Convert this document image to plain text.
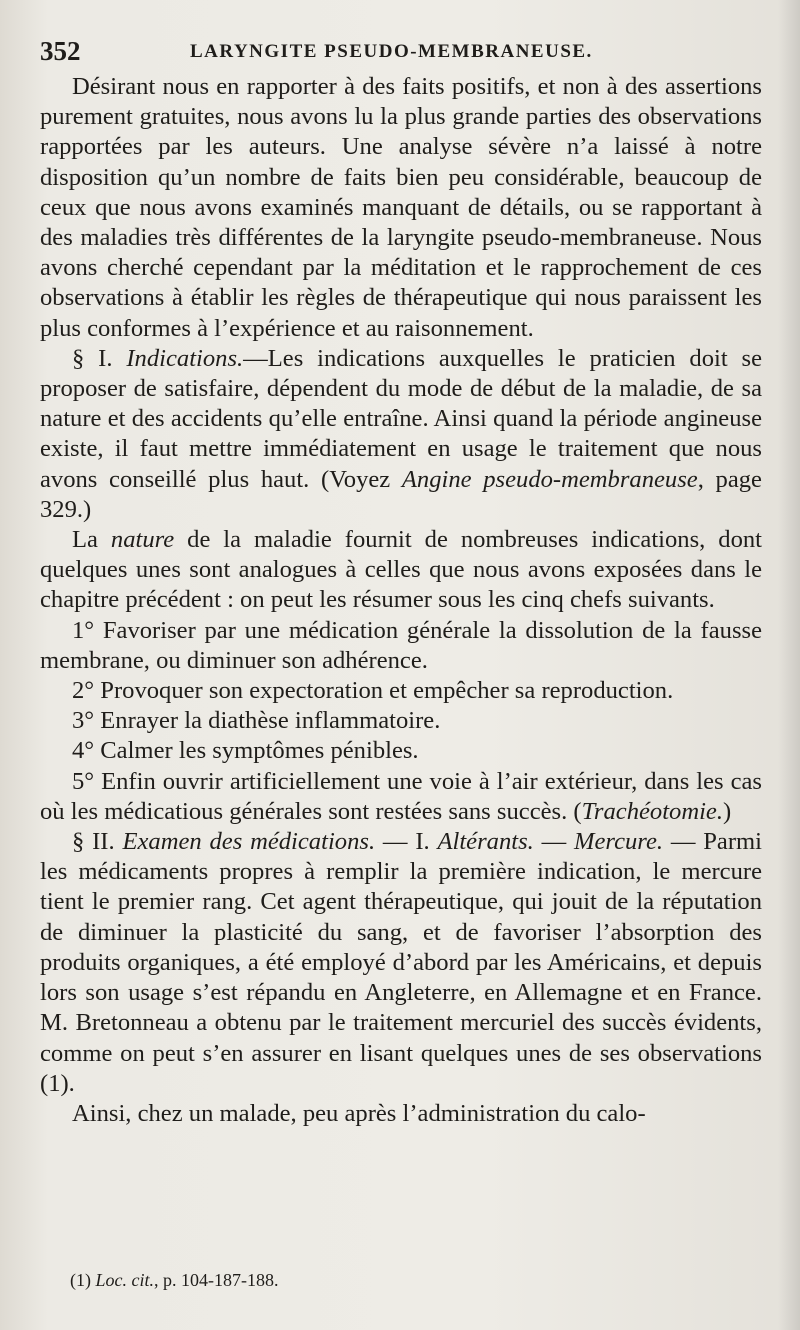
352	LARYNGITE PSEUDO-MEMBRANEUSE.

Désirant nous en rapporter à des faits positifs, et non à des assertions purement gratuites, nous avons lu la plus grande parties des observations rapportées par les auteurs. Une analyse sévère n’a laissé à notre disposition qu’un nombre de faits bien peu considérable, beaucoup de ceux que nous avons examinés manquant de détails, ou se rapportant à des maladies très différentes de la laryngite pseudo-membraneuse. Nous avons cherché cependant par la méditation et le rapprochement de ces observations à établir les règles de thérapeutique qui nous paraissent les plus conformes à l’expérience et au raisonnement.

§ I. Indications.—Les indications auxquelles le praticien doit se proposer de satisfaire, dépendent du mode de début de la maladie, de sa nature et des accidents qu’elle entraîne. Ainsi quand la période angineuse existe, il faut mettre immédiatement en usage le traitement que nous avons conseillé plus haut. (Voyez Angine pseudo-membraneuse, page 329.)

La nature de la maladie fournit de nombreuses indications, dont quelques unes sont analogues à celles que nous avons exposées dans le chapitre précédent : on peut les résumer sous les cinq chefs suivants.

1° Favoriser par une médication générale la dissolution de la fausse membrane, ou diminuer son adhérence.

2° Provoquer son expectoration et empêcher sa reproduction.

3° Enrayer la diathèse inflammatoire.

4° Calmer les symptômes pénibles.

5° Enfin ouvrir artificiellement une voie à l’air extérieur, dans les cas où les médicatious générales sont restées sans succès. (Trachéotomie.)

§ II. Examen des médications. — I. Altérants. — Mercure. — Parmi les médicaments propres à remplir la première indication, le mercure tient le premier rang. Cet agent thérapeutique, qui jouit de la réputation de diminuer la plasticité du sang, et de favoriser l’absorption des produits organiques, a été employé d’abord par les Américains, et depuis lors son usage s’est répandu en Angleterre, en Allemagne et en France. M. Bretonneau a obtenu par le traitement mercuriel des succès évidents, comme on peut s’en assurer en lisant quelques unes de ses observations (1).

Ainsi, chez un malade, peu après l’administration du calo-

(1) Loc. cit., p. 104-187-188.
